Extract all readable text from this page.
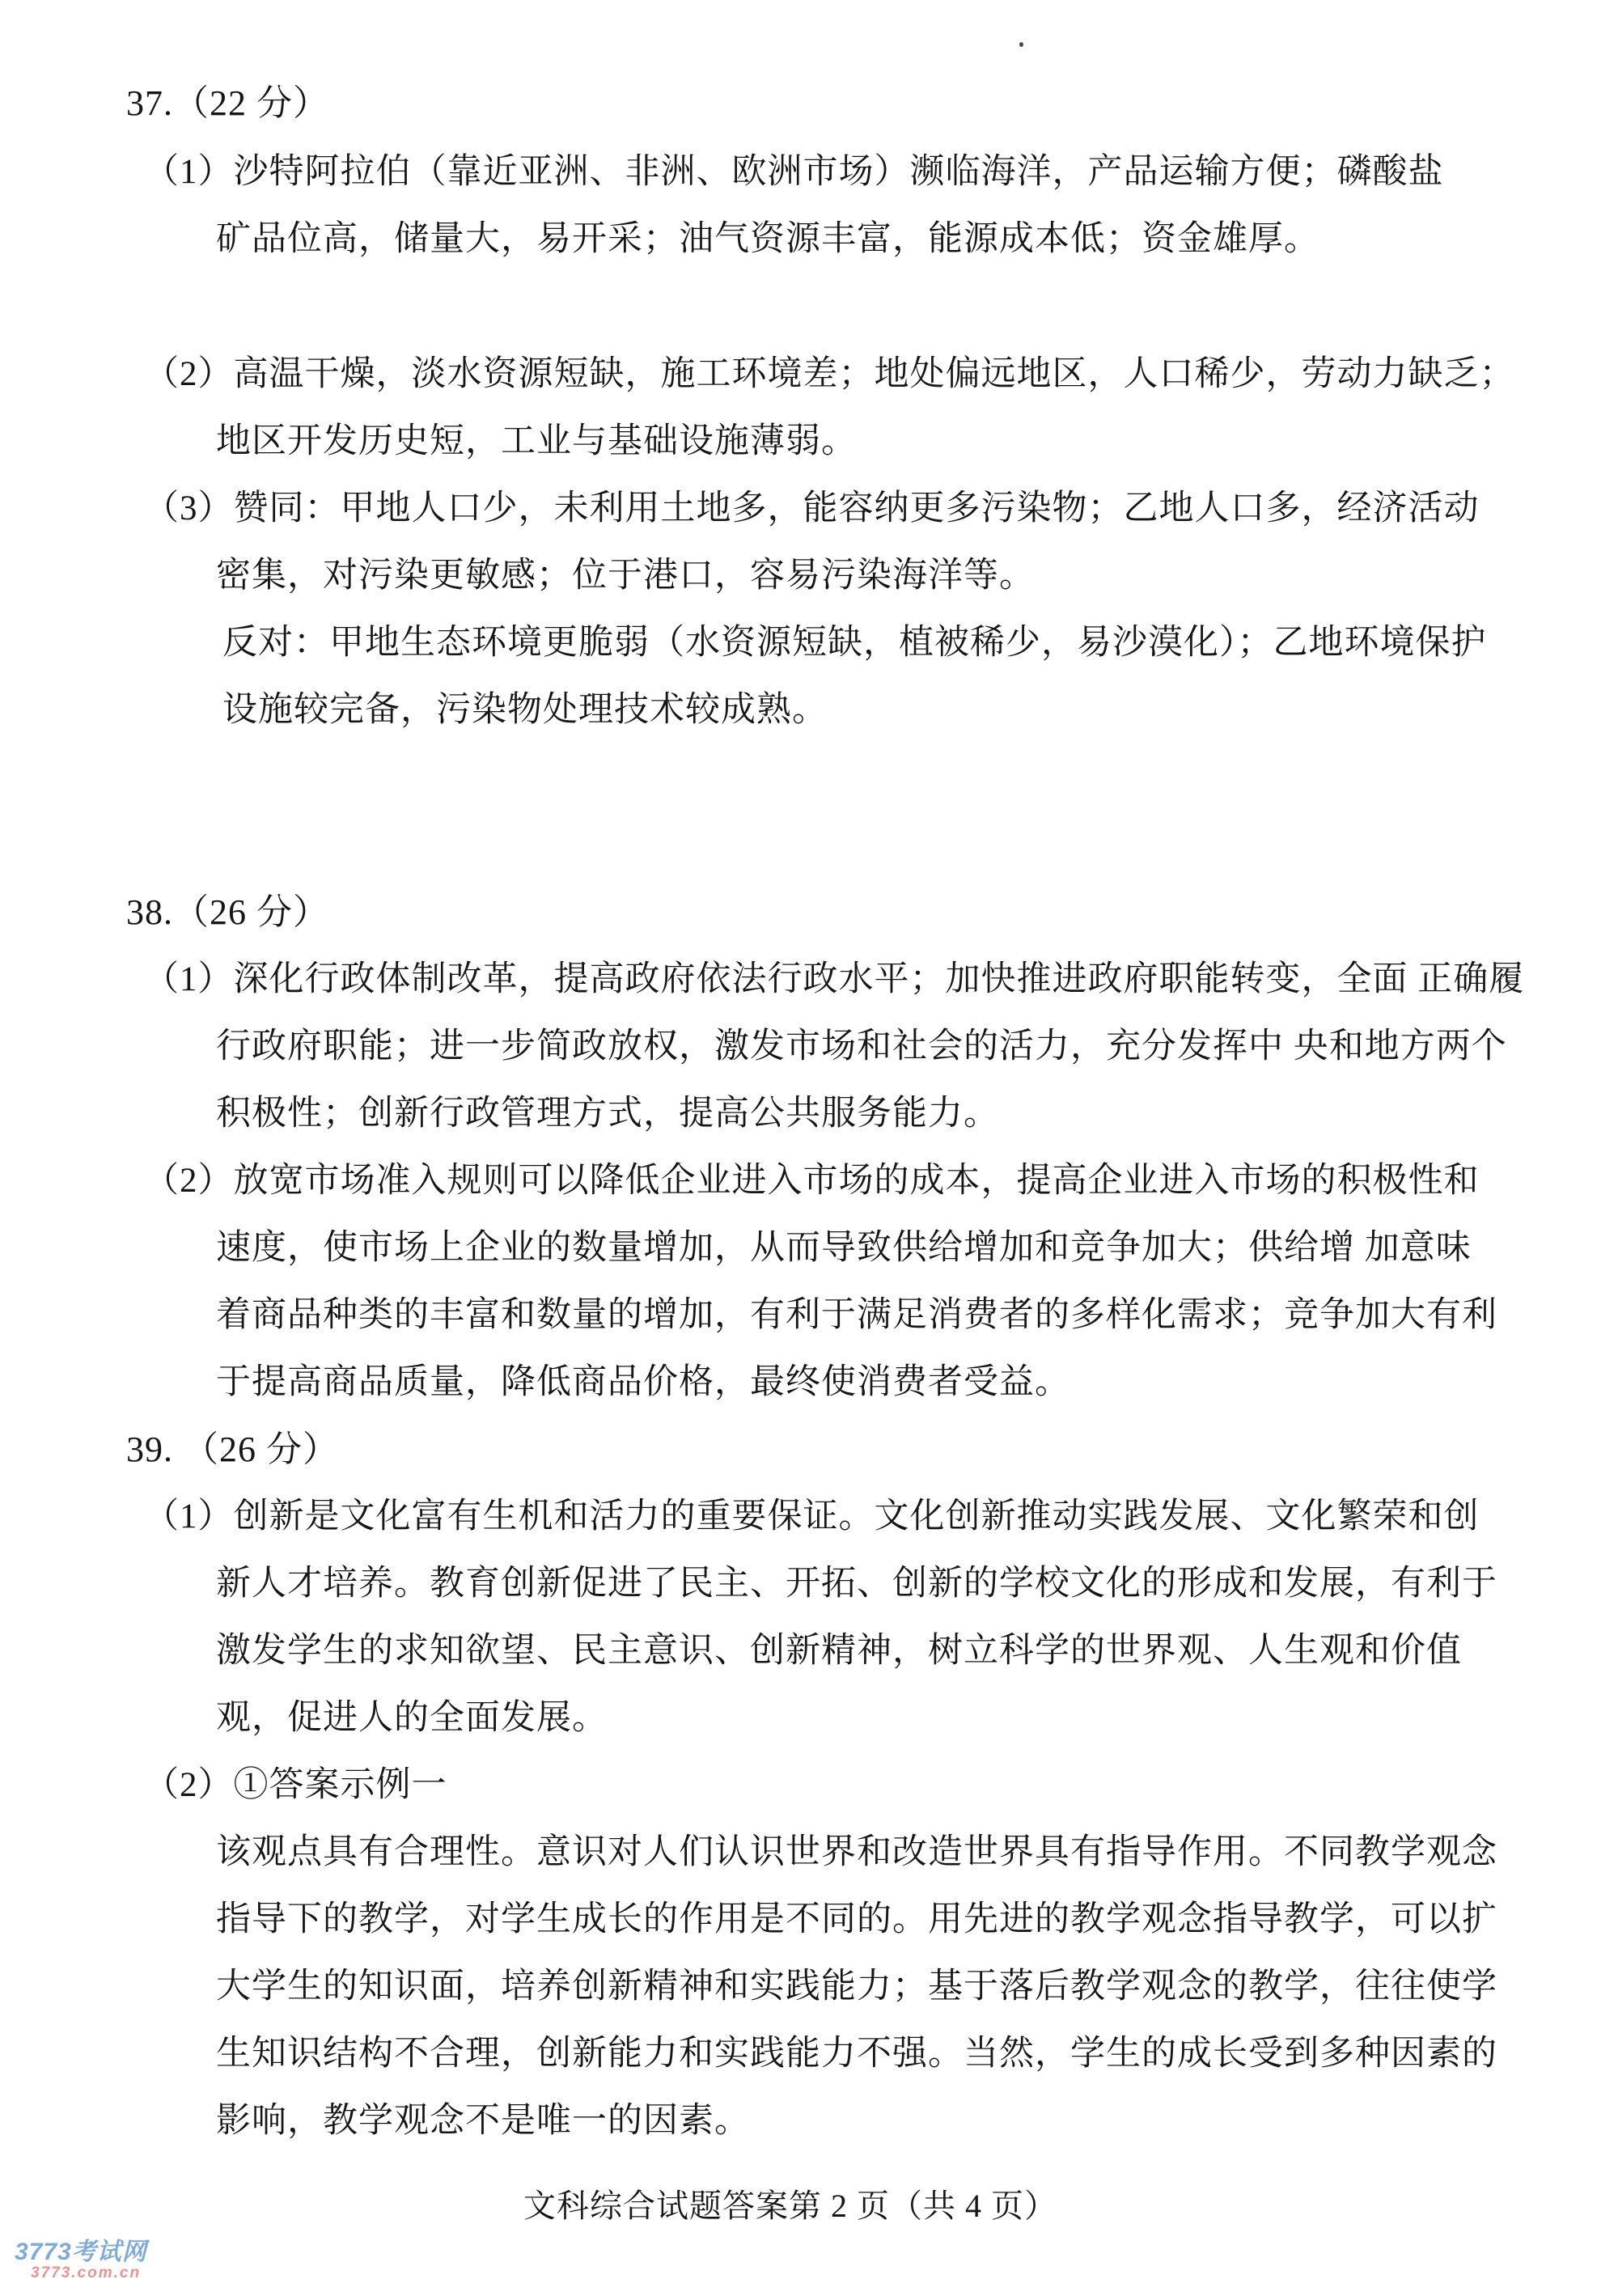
37.（22 分）
（1）沙特阿拉伯（靠近亚洲、非洲、欧洲市场）濒临海洋，产品运输方便；磷酸盐
矿品位高，储量大，易开采；油气资源丰富，能源成本低；资金雄厚。
（2）高温干燥，淡水资源短缺，施工环境差；地处偏远地区，人口稀少，劳动力缺乏；
地区开发历史短，工业与基础设施薄弱。
（3）赞同：甲地人口少，未利用土地多，能容纳更多污染物；乙地人口多，经济活动
密集，对污染更敏感；位于港口，容易污染海洋等。
反对：甲地生态环境更脆弱（水资源短缺，植被稀少，易沙漠化）；乙地环境保护
设施较完备，污染物处理技术较成熟。
38.（26 分）
（1）深化行政体制改革，提高政府依法行政水平；加快推进政府职能转变，全面 正确履
行政府职能；进一步简政放权，激发市场和社会的活力，充分发挥中 央和地方两个
积极性；创新行政管理方式，提高公共服务能力。
（2）放宽市场准入规则可以降低企业进入市场的成本，提高企业进入市场的积极性和
速度，使市场上企业的数量增加，从而导致供给增加和竞争加大；供给增 加意味
着商品种类的丰富和数量的增加，有利于满足消费者的多样化需求；竞争加大有利
于提高商品质量，降低商品价格，最终使消费者受益。
39. （26 分）
（1）创新是文化富有生机和活力的重要保证。文化创新推动实践发展、文化繁荣和创
新人才培养。教育创新促进了民主、开拓、创新的学校文化的形成和发展，有利于
激发学生的求知欲望、民主意识、创新精神，树立科学的世界观、人生观和价值
观，促进人的全面发展。
（2）①答案示例一
该观点具有合理性。意识对人们认识世界和改造世界具有指导作用。不同教学观念
指导下的教学，对学生成长的作用是不同的。用先进的教学观念指导教学，可以扩
大学生的知识面，培养创新精神和实践能力；基于落后教学观念的教学，往往使学
生知识结构不合理，创新能力和实践能力不强。当然，学生的成长受到多种因素的
影响，教学观念不是唯一的因素。
文科综合试题答案第 2 页（共 4 页）
3773考试网
3773.com.cn
